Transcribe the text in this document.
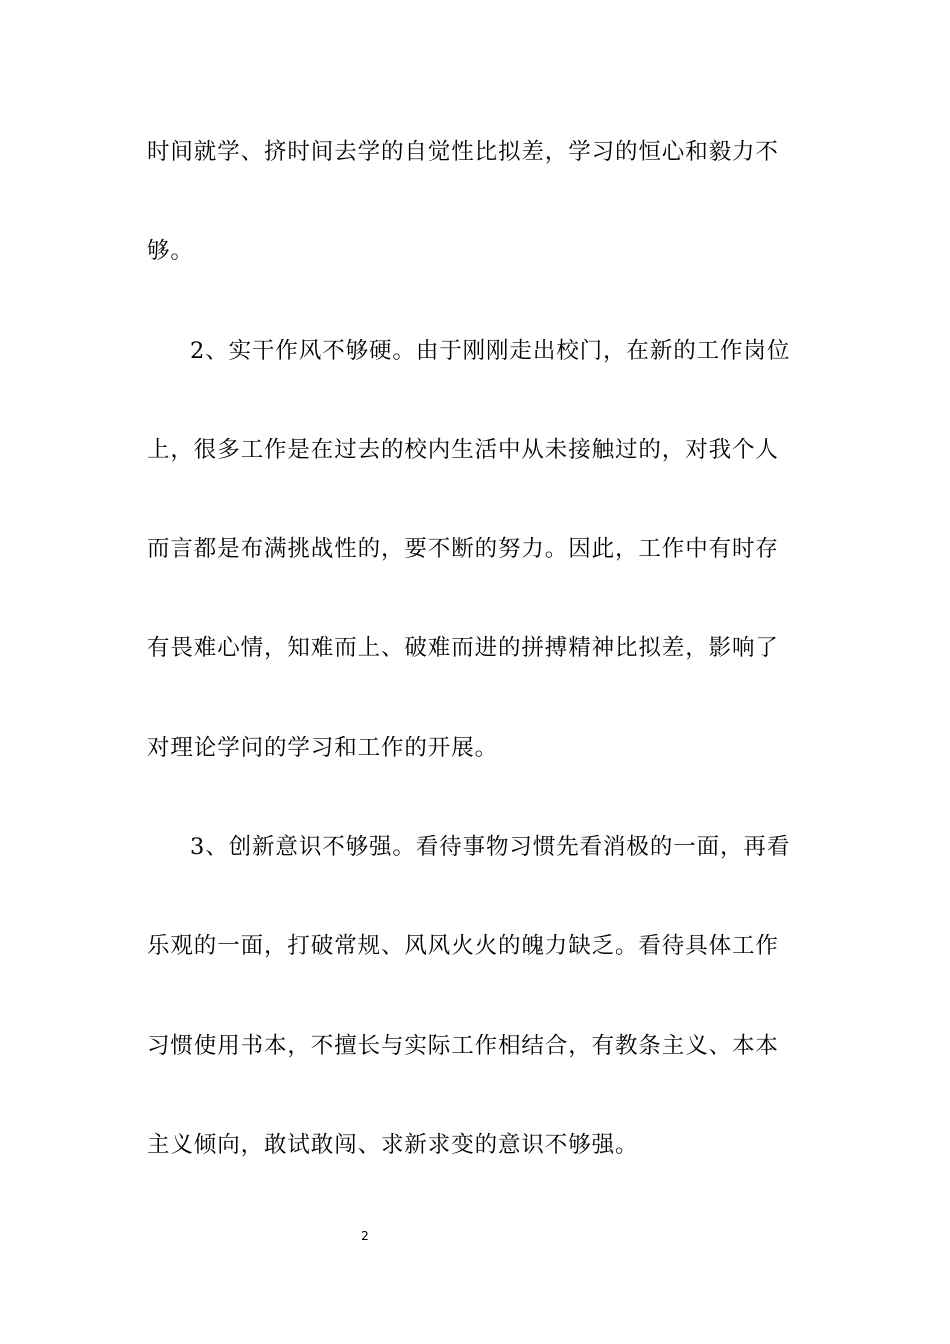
时间就学、挤时间去学的自觉性比拟差，学习的恒心和毅力不
够。
2、实干作风不够硬。由于刚刚走出校门，在新的工作岗位
上，很多工作是在过去的校内生活中从未接触过的，对我个人
而言都是布满挑战性的，要不断的努力。因此，工作中有时存
有畏难心情，知难而上、破难而进的拼搏精神比拟差，影响了
对理论学问的学习和工作的开展。
3、创新意识不够强。看待事物习惯先看消极的一面，再看
乐观的一面，打破常规、风风火火的魄力缺乏。看待具体工作
习惯使用书本，不擅长与实际工作相结合，有教条主义、本本
主义倾向，敢试敢闯、求新求变的意识不够强。
2
